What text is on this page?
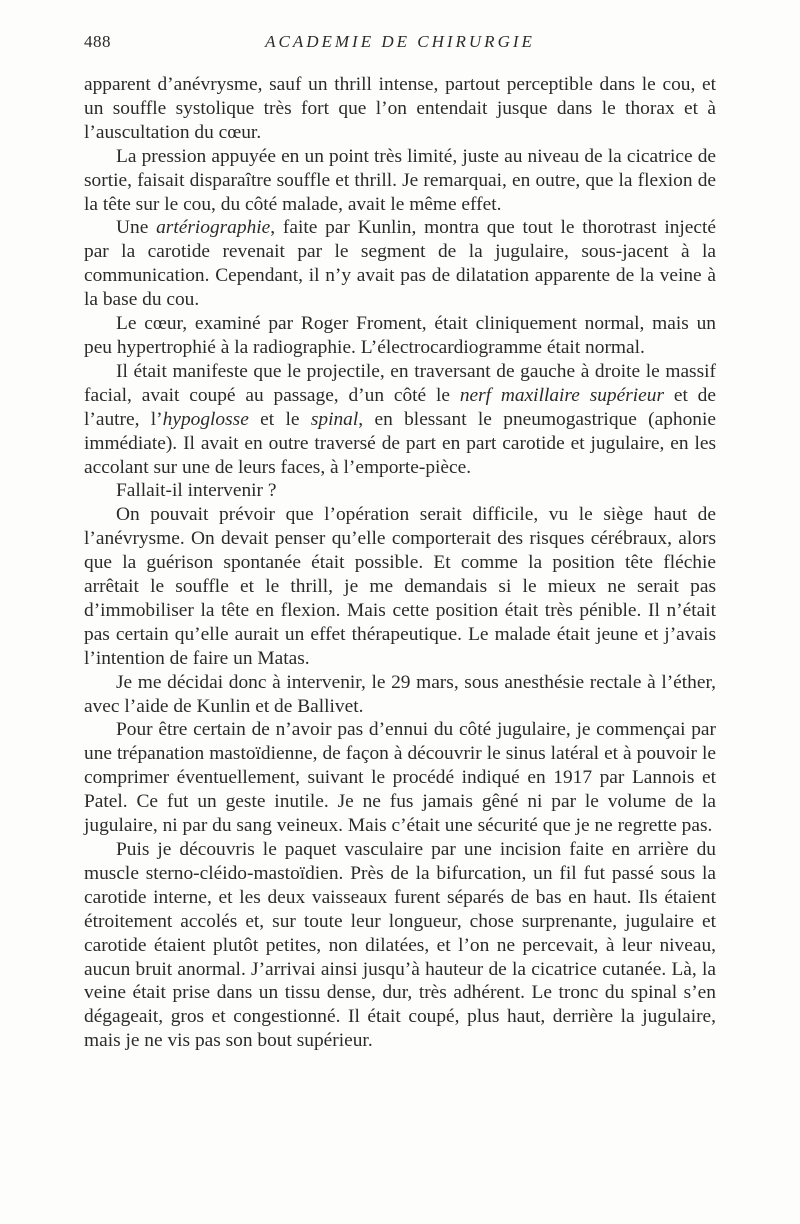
488	ACADEMIE DE CHIRURGIE

apparent d’anévrysme, sauf un thrill intense, partout perceptible dans le cou, et un souffle systolique très fort que l’on entendait jusque dans le thorax et à l’auscultation du cœur.

La pression appuyée en un point très limité, juste au niveau de la cicatrice de sortie, faisait disparaître souffle et thrill. Je remarquai, en outre, que la flexion de la tête sur le cou, du côté malade, avait le même effet.

Une artériographie, faite par Kunlin, montra que tout le thorotrast injecté par la carotide revenait par le segment de la jugulaire, sous-jacent à la communication. Cependant, il n’y avait pas de dilatation apparente de la veine à la base du cou.

Le cœur, examiné par Roger Froment, était cliniquement normal, mais un peu hypertrophié à la radiographie. L’électrocardiogramme était normal.

Il était manifeste que le projectile, en traversant de gauche à droite le massif facial, avait coupé au passage, d’un côté le nerf maxillaire supérieur et de l’autre, l’hypoglosse et le spinal, en blessant le pneumogastrique (aphonie immédiate). Il avait en outre traversé de part en part carotide et jugulaire, en les accolant sur une de leurs faces, à l’emporte-pièce.

Fallait-il intervenir ?

On pouvait prévoir que l’opération serait difficile, vu le siège haut de l’anévrysme. On devait penser qu’elle comporterait des risques cérébraux, alors que la guérison spontanée était possible. Et comme la position tête fléchie arrêtait le souffle et le thrill, je me demandais si le mieux ne serait pas d’immobiliser la tête en flexion. Mais cette position était très pénible. Il n’était pas certain qu’elle aurait un effet thérapeutique. Le malade était jeune et j’avais l’intention de faire un Matas.

Je me décidai donc à intervenir, le 29 mars, sous anesthésie rectale à l’éther, avec l’aide de Kunlin et de Ballivet.

Pour être certain de n’avoir pas d’ennui du côté jugulaire, je commençai par une trépanation mastoïdienne, de façon à découvrir le sinus latéral et à pouvoir le comprimer éventuellement, suivant le procédé indiqué en 1917 par Lannois et Patel. Ce fut un geste inutile. Je ne fus jamais gêné ni par le volume de la jugulaire, ni par du sang veineux. Mais c’était une sécurité que je ne regrette pas.

Puis je découvris le paquet vasculaire par une incision faite en arrière du muscle sterno-cléido-mastoïdien. Près de la bifurcation, un fil fut passé sous la carotide interne, et les deux vaisseaux furent séparés de bas en haut. Ils étaient étroitement accolés et, sur toute leur longueur, chose surprenante, jugulaire et carotide étaient plutôt petites, non dilatées, et l’on ne percevait, à leur niveau, aucun bruit anormal. J’arrivai ainsi jusqu’à hauteur de la cicatrice cutanée. Là, la veine était prise dans un tissu dense, dur, très adhérent. Le tronc du spinal s’en dégageait, gros et congestionné. Il était coupé, plus haut, derrière la jugulaire, mais je ne vis pas son bout supérieur.
